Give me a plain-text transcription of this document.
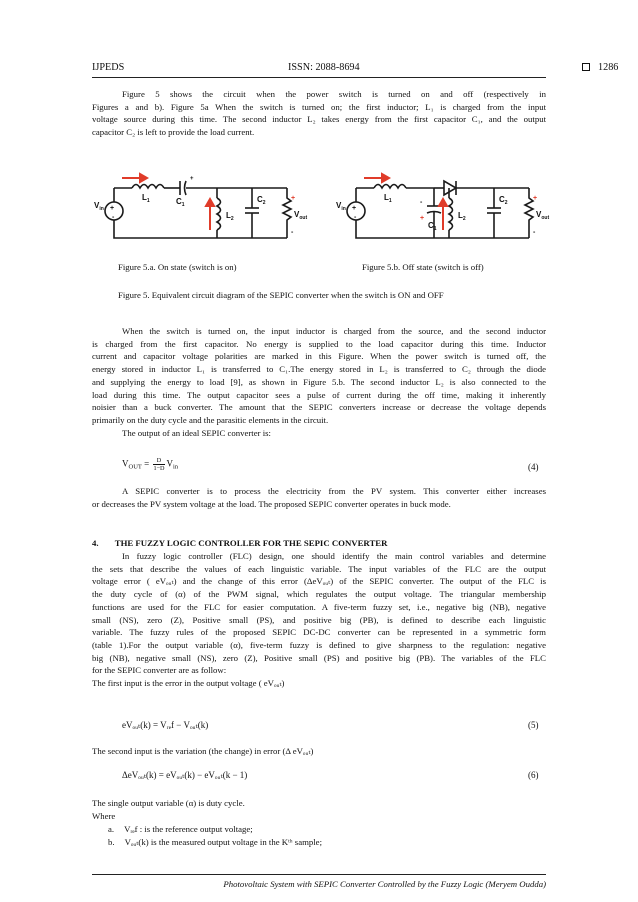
IJPEDS	ISSN: 2088-8694	1286
Figure 5 shows the circuit when the power switch is turned on and off (respectively in
Figures a and b). Figure 5a When the switch is turned on; the first inductor; L₁ is charged from the input
voltage source during this time. The second inductor L₂ takes energy from the first capacitor C₁, and the output
capacitor C₂ is left to provide the load current.
$V_{in}$ +
-
$L_1$	$C_1$
+
$L_2$
$C_2$
+
$V_{out}$
-
$V_{in}$ +
-
$L_1$	-
+
$C_1$
$L_2$
$C_2$
+
$V_{out}$
-
Figure 5.a. On state (switch is on)	Figure 5.b. Off state (switch is off)
Figure 5. Equivalent circuit diagram of the SEPIC converter when the switch is ON and OFF
When the switch is turned on, the input inductor is charged from the source, and the second inductor
is charged from the first capacitor. No energy is supplied to the load capacitor during this time. Inductor
current and capacitor voltage polarities are marked in this Figure. When the power switch is turned off, the
energy stored in inductor L₁ is transferred to C₁.The energy stored in L₂ is transferred to C₂ through the diode
and supplying the energy to load [9], as shown in Figure 5.b. The second inductor L₂ is also connected to the
load during this time. The output capacitor sees a pulse of current during the off time, making it inherently
noisier than a buck converter. The amount that the SEPIC converters increase or decrease the voltage depends
primarily on the duty cycle and the parasitic elements in the circuit.
The output of an ideal SEPIC converter is:
$V_{OUT} = \frac{D}{1-D} V_{in}$	(4)
A SEPIC converter is to process the electricity from the PV system. This converter either increases
or decreases the PV system voltage at the load. The proposed SEPIC converter operates in buck mode.
4. THE FUZZY LOGIC CONTROLLER FOR THE SEPIC CONVERTER
In fuzzy logic controller (FLC) design, one should identify the main control variables and determine
the sets that describe the values of each linguistic variable. The input variables of the FLC are the output
voltage error ( eVₒᵤₜ) and the change of this error (ΔeVₒᵤₜ) of the SEPIC converter. The output of the FLC is
the duty cycle of (α) of the PWM signal, which regulates the output voltage. The triangular membership
functions are used for the FLC for easier computation. A five-term fuzzy set, i.e., negative big (NB), negative
small (NS), zero (Z), Positive small (PS), and positive big (PB), is defined to describe each linguistic
variable. The fuzzy rules of the proposed SEPIC DC-DC converter can be represented in a symmetric form
(table 1).For the output variable (α), five-term fuzzy is defined to give sharpness to the regulation: negative
big (NB), negative small (NS), zero (Z), Positive small (PS) and positive big (PB). The variables of the FLC
for the SEPIC converter are as follow:
The first input is the error in the output voltage ( eVₒᵤₜ)
eVₒᵤₜ(k) = Vᵣₑf − Vₒᵤₜ(k)	(5)
The second input is the variation (the change) in error (Δ eVₒᵤₜ)
ΔeVₒᵤₜ(k) = eVₒᵤₜ(k) − eVₒᵤₜ(k − 1)	(6)
The single output variable (α) is duty cycle.
Where
a. Vᵣₑf : is the reference output voltage;
b. Vₒᵤₜ(k) is the measured output voltage in the Kᵗʰ sample;
Photovoltaic System with SEPIC Converter Controlled by the Fuzzy Logic (Meryem Oudda)
